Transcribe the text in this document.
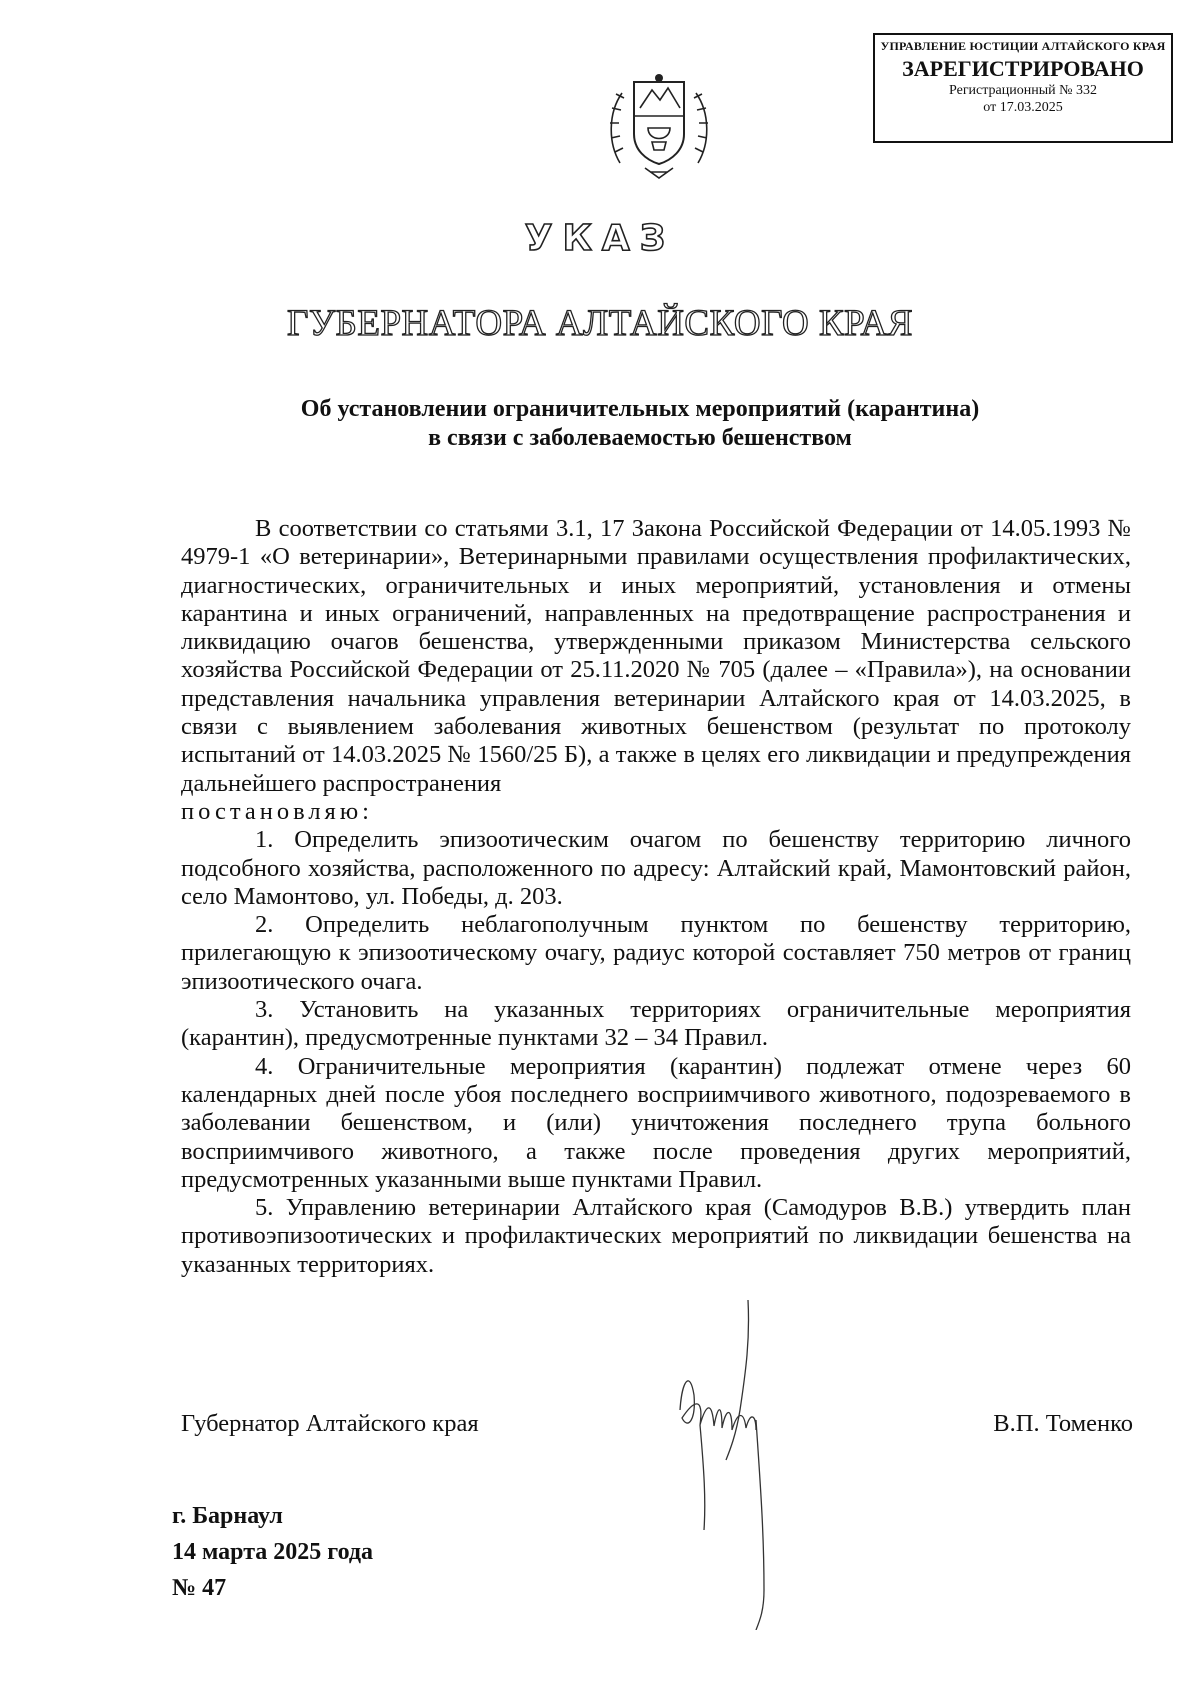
УПРАВЛЕНИЕ ЮСТИЦИИ АЛТАЙСКОГО КРАЯ
ЗАРЕГИСТРИРОВАНО
Регистрационный № 332
от 17.03.2025
УКАЗ
ГУБЕРНАТОРА АЛТАЙСКОГО КРАЯ
Об установлении ограничительных мероприятий (карантина)
в связи с заболеваемостью бешенством

В соответствии со статьями 3.1, 17 Закона Российской Федерации от 14.05.1993 № 4979-1 «О ветеринарии», Ветеринарными правилами осуществления профилактических, диагностических, ограничительных и иных мероприятий, установления и отмены карантина и иных ограничений, направленных на предотвращение распространения и ликвидацию очагов бешенства, утвержденными приказом Министерства сельского хозяйства Российской Федерации от 25.11.2020 № 705 (далее – «Правила»), на основании представления начальника управления ветеринарии Алтайского края от 14.03.2025, в связи с выявлением заболевания животных бешенством (результат по протоколу испытаний от 14.03.2025 № 1560/25 Б), а также в целях его ликвидации и предупреждения дальнейшего распространения

постановляю:

1. Определить эпизоотическим очагом по бешенству территорию личного подсобного хозяйства, расположенного по адресу: Алтайский край, Мамонтовский район, село Мамонтово, ул. Победы, д. 203.

2. Определить неблагополучным пунктом по бешенству территорию, прилегающую к эпизоотическому очагу, радиус которой составляет 750 метров от границ эпизоотического очага.

3. Установить на указанных территориях ограничительные мероприятия (карантин), предусмотренные пунктами 32 – 34 Правил.

4. Ограничительные мероприятия (карантин) подлежат отмене через 60 календарных дней после убоя последнего восприимчивого животного, подозреваемого в заболевании бешенством, и (или) уничтожения последнего трупа больного восприимчивого животного, а также после проведения других мероприятий, предусмотренных указанными выше пунктами Правил.

5. Управлению ветеринарии Алтайского края (Самодуров В.В.) утвердить план противоэпизоотических и профилактических мероприятий по ликвидации бешенства на указанных территориях.

Губернатор Алтайского края	В.П. Томенко
г. Барнаул
14 марта 2025 года
№ 47
